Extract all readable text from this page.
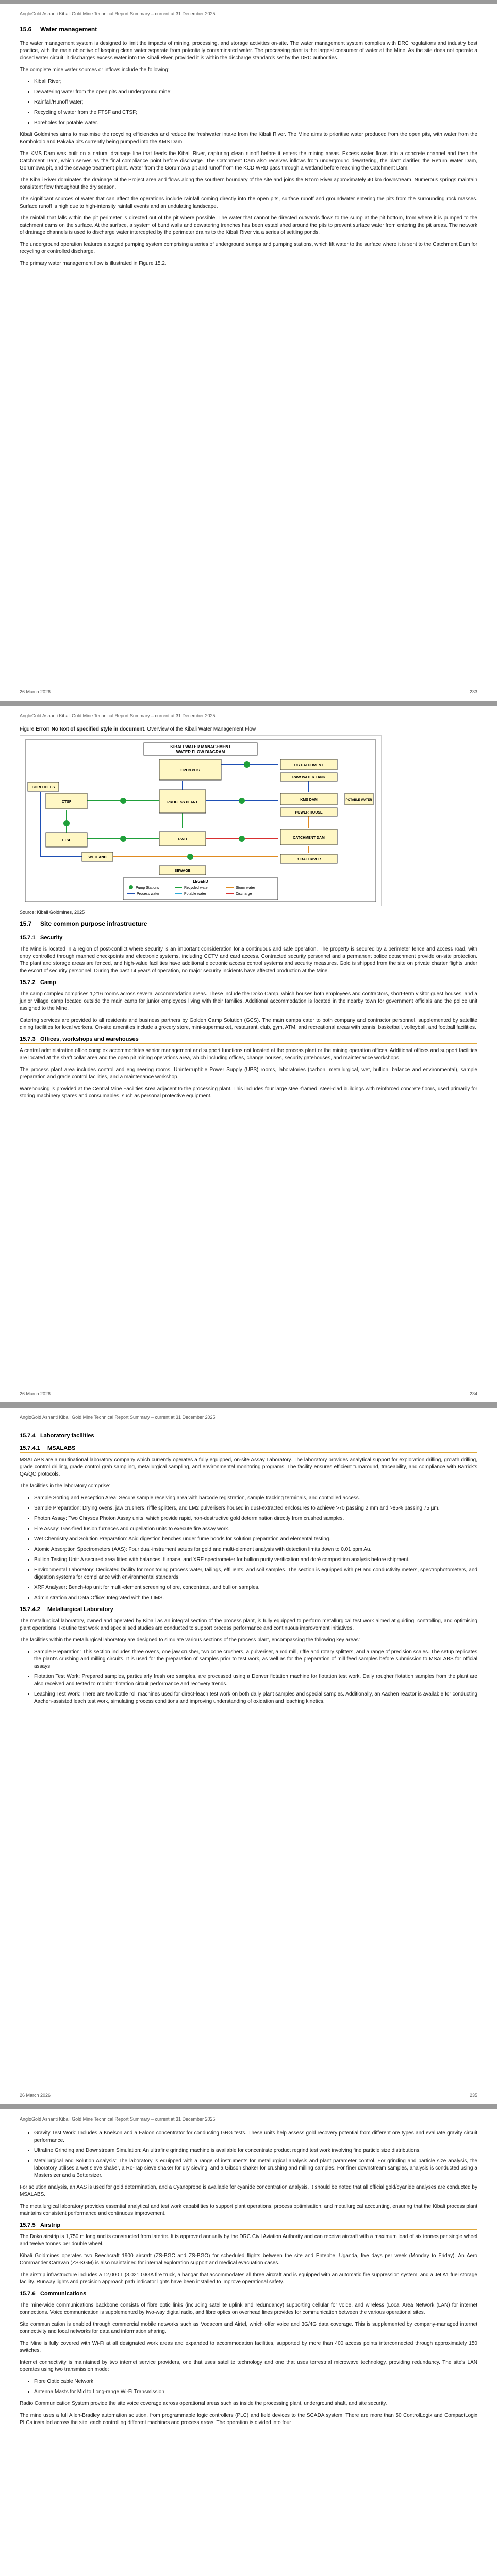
AngloGold Ashanti Kibali Gold Mine Technical Report Summary – current at 31 December 2025
15.6 Water management

The water management system is designed to limit the impacts of mining, processing, and storage activities on-site. The water management system complies with DRC regulations and industry best practice, with the main objective of keeping clean water separate from potentially contaminated water. The processing plant is the largest consumer of water at the Mine. As the site does not operate a closed water circuit, it discharges excess water into the Kibali River, provided it is within the discharge standards set by the DRC authorities.

The complete mine water sources or inflows include the following:

• Kibali River;
• Dewatering water from the open pits and underground mine;
• Rainfall/Runoff water;
• Recycling of water from the FTSF and CTSF;
• Boreholes for potable water.

Kibali Goldmines aims to maximise the recycling efficiencies and reduce the freshwater intake from the Kibali River. The Mine aims to prioritise water produced from the open pits, with water from the Kombokolo and Pakaka pits currently being pumped into the KMS Dam.

The KMS Dam was built on a natural drainage line that feeds the Kibali River, capturing clean runoff before it enters the mining areas. Excess water flows into a concrete channel and then the Catchment Dam, which serves as the final compliance point before discharge. The Catchment Dam also receives inflows from underground dewatering, the plant clarifier, the Return Water Dam, Gorumbwa pit, and the sewage treatment plant. Water from the Gorumbwa pit and runoff from the KCD WRD pass through a wetland before reaching the Catchment Dam.

The Kibali River dominates the drainage of the Project area and flows along the southern boundary of the site and joins the Nzoro River approximately 40 km downstream. Numerous springs maintain consistent flow throughout the dry season.

The significant sources of water that can affect the operations include rainfall coming directly into the open pits, surface runoff and groundwater entering the pits from the surrounding rock masses. Surface runoff is high due to high-intensity rainfall events and an undulating landscape.

The rainfall that falls within the pit perimeter is directed out of the pit where possible. The water that cannot be directed outwards flows to the sump at the pit bottom, from where it is pumped to the catchment dams on the surface. At the surface, a system of bund walls and dewatering trenches has been established around the pits to prevent surface water from entering the pit areas. The network of drainage channels is used to discharge water intercepted by the perimeter drains to the Kibali River via a series of settling ponds.

The underground operation features a staged pumping system comprising a series of underground sumps and pumping stations, which lift water to the surface where it is sent to the Catchment Dam for recycling or controlled discharge.

The primary water management flow is illustrated in Figure 15.2.

26 March 2026	233
AngloGold Ashanti Kibali Gold Mine Technical Report Summary – current at 31 December 2025
Figure Error! No text of specified style in document. Overview of the Kibali Water Management Flow
KIBALI WATER MANAGEMENT
WATER FLOW DIAGRAM
UG CATCHMENT
RAW WATER TANK
OPEN PITS
CTSF	PROCESS PLANT
KMS DAM
POWER HOUSE
FTSF	RWD	CATCHMENT DAM
WETLAND
SEWAGE
KIBALI RIVER
BOREHOLES
POTABLE WATER
LEGEND
Pump Stations
Process water
Recycled water
Potable water
Storm water
Discharge
Source: Kibali Goldmines, 2025
15.7 Site common purpose infrastructure
15.7.1 Security

The Mine is located in a region of post-conflict where security is an important consideration for a continuous and safe operation. The property is secured by a perimeter fence and access road, with entry controlled through manned checkpoints and electronic systems, including CCTV and card access. Contracted security personnel and a permanent police detachment provide on-site protection. The plant and storage areas are fenced, and high-value facilities have additional electronic access control systems and security measures. Gold is shipped from the site on private charter flights under the escort of security personnel. During the past 14 years of operation, no major security incidents have affected production at the Mine.

15.7.2 Camp

The camp complex comprises 1,216 rooms across several accommodation areas. These include the Doko Camp, which houses both employees and contractors, short-term visitor guest houses, and a junior village camp located outside the main camp for junior employees living with their families. Additional accommodation is located in the nearby town for government officials and the police unit assigned to the Mine.

Catering services are provided to all residents and business partners by Golden Camp Solution (GCS). The main camps cater to both company and contractor personnel, supplemented by satellite dining facilities for local workers. On-site amenities include a grocery store, mini-supermarket, restaurant, club, gym, ATM, and recreational areas with tennis, basketball, volleyball, and football facilities.

15.7.3 Offices, workshops and warehouses

A central administration office complex accommodates senior management and support functions not located at the process plant or the mining operation offices. Additional offices and support facilities are located at the shaft collar area and the open pit mining operations area, which including offices, change houses, security gatehouses, and maintenance workshops.

The process plant area includes control and engineering rooms, Uninterruptible Power Supply (UPS) rooms, laboratories (carbon, metallurgical, wet, bullion, balance and environmental), sample preparation and grade control facilities, and a maintenance workshop.

Warehousing is provided at the Central Mine Facilities Area adjacent to the processing plant. This includes four large steel-framed, steel-clad buildings with reinforced concrete floors, used primarily for storing machinery spares and consumables, such as personal protective equipment.

26 March 2026	234
AngloGold Ashanti Kibali Gold Mine Technical Report Summary – current at 31 December 2025
15.7.4 Laboratory facilities
15.7.4.1 MSALABS

MSALABS are a multinational laboratory company which currently operates a fully equipped, on-site Assay Laboratory. The laboratory provides analytical support for exploration drilling, growth drilling, grade control drilling, grade control grab sampling, metallurgical sampling, and environmental monitoring programs. The facility ensures efficient turnaround, traceability, and compliance with Barrick's QA/QC protocols.

The facilities in the laboratory comprise:

• Sample Sorting and Reception Area: Secure sample receiving area with barcode registration, sample tracking terminals, and controlled access.
• Sample Preparation: Drying ovens, jaw crushers, riffle splitters, and LM2 pulverisers housed in dust-extracted enclosures to achieve >70 passing 2 mm and >85% passing 75 µm.
• Photon Assay: Two Chrysos Photon Assay units, which provide rapid, non-destructive gold determination directly from crushed samples.
• Fire Assay: Gas-fired fusion furnaces and cupellation units to execute fire assay work.
• Wet Chemistry and Solution Preparation: Acid digestion benches under fume hoods for solution preparation and elemental testing.
• Atomic Absorption Spectrometers (AAS): Four dual-instrument setups for gold and multi-element analysis with detection limits down to 0.01 ppm Au.
• Bullion Testing Unit: A secured area fitted with balances, furnace, and XRF spectrometer for bullion purity verification and doré composition analysis before shipment.
• Environmental Laboratory: Dedicated facility for monitoring process water, tailings, effluents, and soil samples. The section is equipped with pH and conductivity meters, spectrophotometers, and digestion systems for compliance with environmental standards.
• XRF Analyser: Bench-top unit for multi-element screening of ore, concentrate, and bullion samples.
• Administration and Data Office: Integrated with the LIMS.
15.7.4.2 Metallurgical Laboratory

The metallurgical laboratory, owned and operated by Kibali as an integral section of the process plant, is fully equipped to perform metallurgical test work aimed at guiding, controlling, and optimising plant operations. Routine test work and specialised studies are conducted to support process performance and continuous improvement initiatives.

The facilities within the metallurgical laboratory are designed to simulate various sections of the process plant, encompassing the following key areas:

• Sample Preparation: This section includes three ovens, one jaw crusher, two cone crushers, a pulveriser, a rod mill, riffle and rotary splitters, and a range of precision scales. The setup replicates the plant's crushing and milling circuits. It is used for the preparation of samples prior to test work, as well as for the preparation of mill feed samples before submission to MSALABS for official assays.
• Flotation Test Work: Prepared samples, particularly fresh ore samples, are processed using a Denver flotation machine for flotation test work. Daily rougher flotation samples from the plant are also received and tested to monitor flotation circuit performance and recovery trends.
• Leaching Test Work: There are two bottle roll machines used for direct-leach test work on both daily plant samples and special samples. Additionally, an Aachen reactor is available for conducting Aachen-assisted leach test work, simulating process conditions and improving understanding of oxidation and leaching kinetics.
26 March 2026	235
AngloGold Ashanti Kibali Gold Mine Technical Report Summary – current at 31 December 2025
• Gravity Test Work: Includes a Knelson and a Falcon concentrator for conducting GRG tests. These units help assess gold recovery potential from different ore types and evaluate gravity circuit performance.
• Ultrafine Grinding and Downstream Simulation: An ultrafine grinding machine is available for concentrate product regrind test work involving fine particle size distributions.
• Metallurgical and Solution Analysis: The laboratory is equipped with a range of instruments for metallurgical analysis and plant parameter control. For grinding and particle size analysis, the laboratory utilises a wet sieve shaker, a Ro-Tap sieve shaker for dry sieving, and a Gibson shaker for crushing and milling samples. For finer downstream samples, analysis is conducted using a Mastersizer and a Bettersizer.

For solution analysis, an AAS is used for gold determination, and a Cyanoprobe is available for cyanide concentration analysis. It should be noted that all official gold/cyanide analyses are conducted by MSALABS.

The metallurgical laboratory provides essential analytical and test work capabilities to support plant operations, process optimisation, and metallurgical accounting, ensuring that the Kibali process plant maintains consistent performance and continuous improvement.

15.7.5 Airstrip

The Doko airstrip is 1,750 m long and is constructed from laterite. It is approved annually by the DRC Civil Aviation Authority and can receive aircraft with a maximum load of six tonnes per single wheel and twelve tonnes per double wheel.

Kibali Goldmines operates two Beechcraft 1900 aircraft (ZS-BGC and ZS-BGO) for scheduled flights between the site and Entebbe, Uganda, five days per week (Monday to Friday). An Aero Commander Caravan (ZS-KGM) is also maintained for internal exploration support and medical evacuation cases.

The airstrip infrastructure includes a 12,000 L (3,021 GIGA fire truck, a hangar that accommodates all three aircraft and is equipped with an automatic fire suppression system, and a Jet A1 fuel storage facility. Runway lights and precision approach path indicator lights have been installed to improve operational safety.

15.7.6 Communications

The mine-wide communications backbone consists of fibre optic links (including satellite uplink and redundancy) supporting cellular for voice, and wireless (Local Area Network (LAN) for internet connections. Voice communication is supplemented by two-way digital radio, and fibre optics on overhead lines provides for communication between the various operational sites.

Site communication is enabled through commercial mobile networks such as Vodacom and Airtel, which offer voice and 3G/4G data coverage. This is supplemented by company-managed internet connectivity and local networks for data and information sharing.

The Mine is fully covered with Wi-Fi at all designated work areas and expanded to accommodation facilities, supported by more than 400 access points interconnected through approximately 150 switches.

Internet connectivity is maintained by two internet service providers, one that uses satellite technology and one that uses terrestrial microwave technology, providing redundancy. The site's LAN operates using two transmission mode:

• Fibre Optic cable Network
• Antenna Masts for Mid to Long-range Wi-Fi Transmission

Radio Communication System provide the site voice coverage across operational areas such as inside the processing plant, underground shaft, and site security.

The mine uses a full Allen-Bradley automation solution, from programmable logic controllers (PLC) and field devices to the SCADA system. There are more than 50 ControlLogix and CompactLogix PLCs installed across the site, each controlling different machines and process areas. The operation is divided into four
